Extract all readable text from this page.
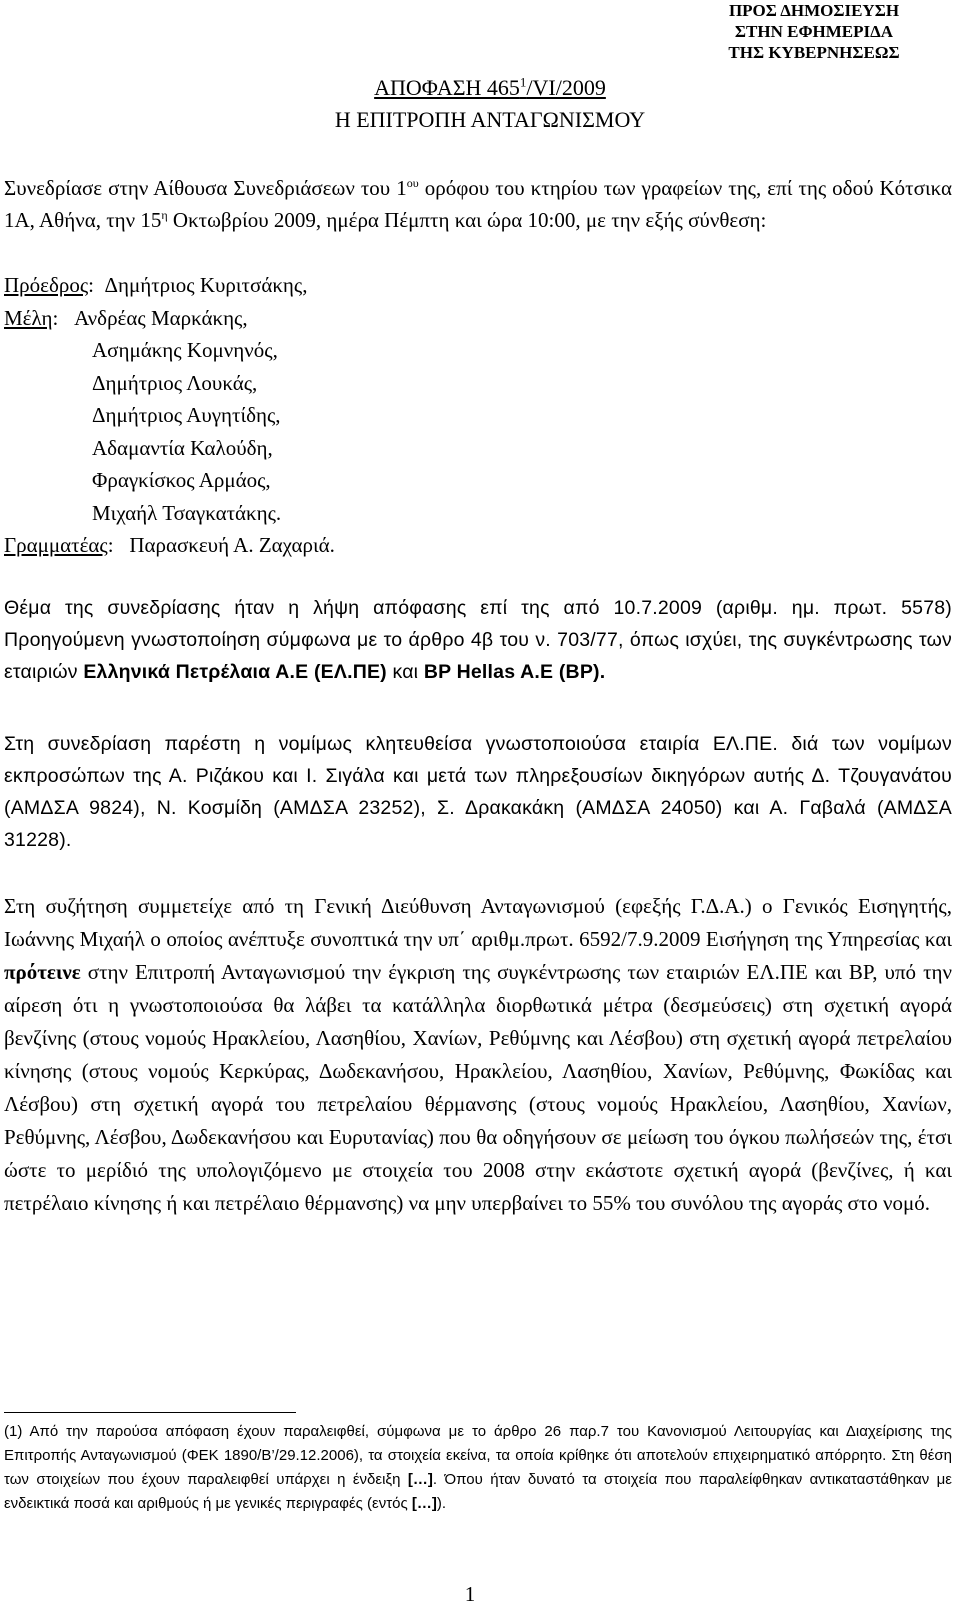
ΠΡΟΣ ΔΗΜΟΣΙΕΥΣΗ
ΣΤΗΝ ΕΦΗΜΕΡΙΔΑ
ΤΗΣ ΚΥΒΕΡΝΗΣΕΩΣ
ΑΠΟΦΑΣΗ $465^1/VI/2009$
Η ΕΠΙΤΡΟΠΗ ΑΝΤΑΓΩΝΙΣΜΟΥ
Συνεδρίασε στην Αίθουσα Συνεδριάσεων του $1^{o\upsilon}$ ορόφου του κτηρίου των γραφείων της, επί της οδού Κότσικα 1Α, Αθήνα, την $15^\eta$ Οκτωβρίου 2009, ημέρα Πέμπτη και ώρα 10:00, με την εξής σύνθεση:
Πρόεδρος:  Δημήτριος Κυριτσάκης,
Μέλη:   Ανδρέας Μαρκάκης,
Ασημάκης Κομνηνός,
Δημήτριος Λουκάς,
Δημήτριος Αυγητίδης,
Αδαμαντία Καλούδη,
Φραγκίσκος Αρμάος,
Μιχαήλ Τσαγκατάκης.
Γραμματέας:   Παρασκευή Α. Ζαχαριά.
Θέμα της συνεδρίασης ήταν η λήψη απόφασης επί της από 10.7.2009 (αριθμ. ημ. πρωτ. 5578) Προηγούμενη γνωστοποίηση σύμφωνα με το άρθρο 4β του ν. 703/77, όπως ισχύει, της συγκέντρωσης των εταιριών Ελληνικά Πετρέλαια Α.Ε (ΕΛ.ΠΕ) και BP Hellas A.E (BP).
Στη συνεδρίαση παρέστη η νομίμως κλητευθείσα γνωστοποιούσα εταιρία ΕΛ.ΠΕ. διά των νομίμων εκπροσώπων της Α. Ριζάκου και Ι. Σιγάλα και μετά των πληρεξουσίων δικηγόρων αυτής Δ. Τζουγανάτου (ΑΜΔΣΑ 9824), Ν. Κοσμίδη (ΑΜΔΣΑ 23252), Σ. Δρακακάκη (ΑΜΔΣΑ 24050) και Α. Γαβαλά (ΑΜΔΣΑ 31228).
Στη συζήτηση συμμετείχε από τη Γενική Διεύθυνση Ανταγωνισμού (εφεξής Γ.Δ.Α.) ο Γενικός Εισηγητής, Ιωάννης Μιχαήλ ο οποίος ανέπτυξε συνοπτικά την υπ΄ αριθμ.πρωτ. 6592/7.9.2009 Εισήγηση της Υπηρεσίας και πρότεινε στην Επιτροπή Ανταγωνισμού την έγκριση της συγκέντρωσης των εταιριών ΕΛ.ΠΕ και BP, υπό την αίρεση ότι η γνωστοποιούσα θα λάβει τα κατάλληλα διορθωτικά μέτρα (δεσμεύσεις) στη σχετική αγορά βενζίνης (στους νομούς Ηρακλείου, Λασηθίου, Χανίων, Ρεθύμνης και Λέσβου) στη σχετική αγορά πετρελαίου κίνησης (στους νομούς Κερκύρας, Δωδεκανήσου, Ηρακλείου, Λασηθίου, Χανίων, Ρεθύμνης, Φωκίδας και Λέσβου) στη σχετική αγορά του πετρελαίου θέρμανσης (στους νομούς Ηρακλείου, Λασηθίου, Χανίων, Ρεθύμνης, Λέσβου, Δωδεκανήσου και Ευρυτανίας) που θα οδηγήσουν σε μείωση του όγκου πωλήσεών της, έτσι ώστε το μερίδιό της υπολογιζόμενο με στοιχεία του 2008 στην εκάστοτε σχετική αγορά (βενζίνες, ή και πετρέλαιο κίνησης ή και πετρέλαιο θέρμανσης) να μην υπερβαίνει το 55% του συνόλου της αγοράς στο νομό.
(1) Από την παρούσα απόφαση έχουν παραλειφθεί, σύμφωνα με το άρθρο 26 παρ.7 του Κανονισμού Λειτουργίας και Διαχείρισης της Επιτροπής Ανταγωνισμού (ΦΕΚ 1890/Β’/29.12.2006), τα στοιχεία εκείνα, τα οποία κρίθηκε ότι αποτελούν επιχειρηματικό απόρρητο. Στη θέση των στοιχείων που έχουν παραλειφθεί υπάρχει η ένδειξη […]. Όπου ήταν δυνατό τα στοιχεία που παραλείφθηκαν αντικαταστάθηκαν με ενδεικτικά ποσά και αριθμούς ή με γενικές περιγραφές (εντός […]).
1
